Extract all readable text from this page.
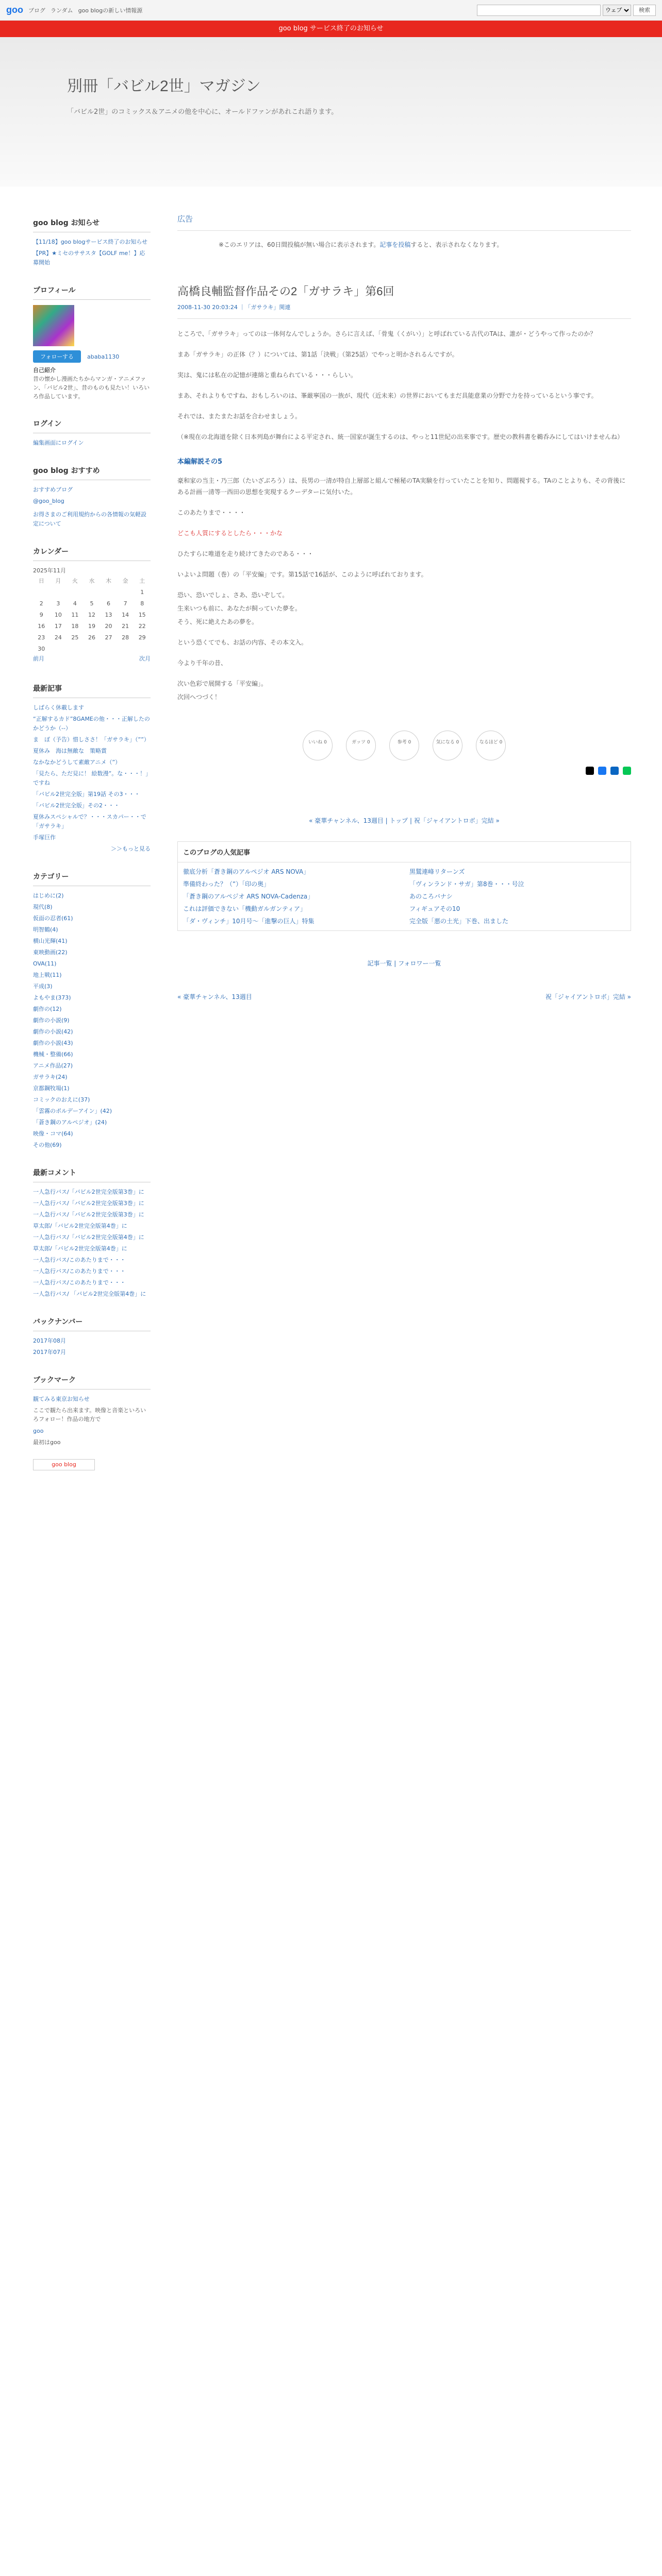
goo ブログ ランダム goo blogの新しい情報源
ウェブ	検索
goo blog サービス終了のお知らせ
別冊「バビル2世」マガジン
「バビル2世」のコミックス＆アニメの他を中心に、オールドファンがあれこれ語ります。
goo blog お知らせ
【11/18】goo blogサービス終了のお知らせ
【PR】★ミセのササスタ【GOLF me！】応募開始
プロフィール
フォローする ababa1130
自己紹介
昔の懐かし漫画たちからマンガ・アニメファン、「バビル2世」、昔のものも見たい！いろいろ作品しています。
ログイン
編集画面にログイン
goo blog おすすめ
おすすめブログ
@goo_blog
お得さまのご利用規約からの各情報の気軽設定について
カレンダー
2025年11月
日	月	火	水	木	金	土
						1
2	3	4	5	6	7	8
9	10	11	12	13	14	15
16	17	18	19	20	21	22
23	24	25	26	27	28	29
30						
前月	次月
最新記事
しばらく休載します
“正解するカド”8GAMEの他・・・正解したのかどうか（--）
ま　ぼ（予告）惜しささ！「ガサラキ」（””）
夏休み　海は無敵な　策略賞
なかなかどうして素敵アニメ（”）
「見たら、ただ見に！ 絵数漫”。な・・・！」ですね
「バビル2世完全版」第19話 その3・・・
「バビル2世完全版」その2・・・
夏休みスペシャルで？・・・スカパー・・で 「ガサラキ」
手塚巨作
＞＞もっと見る
カテゴリー
はじめに(2)
現代(8)
仮面の忍者(61)
明智鶴(4)
横山光輝(41)
東映動画(22)
OVA(11)
地上戦(11)
平成(3)
よもやま(373)
劇作の(12)
劇作の小説(9)
劇作の小説(42)
劇作の小説(43)
機械・整備(66)
アニメ作品(27)
ガサラキ(24)
京都鋼牧場(1)
コミックのおえに(37)
「雲霧のポルデーアイン」(42)
「蒼き鋼のアルペジオ」(24)
映像・コマ(64)
その他(69)
最新コメント
一人急行バス/「バビル2世完全版第3巻」に
一人急行バス/「バビル2世完全版第3巻」に
一人急行バス/「バビル2世完全版第3巻」に
草太郎/「バビル2世完全版第4巻」に
一人急行バス/「バビル2世完全版第4巻」に
草太郎/「バビル2世完全版第4巻」に
一人急行バス/このあたりまで・・・
一人急行バス/このあたりまで・・・
一人急行バス/このあたりまで・・・
一人急行バス/ 「バビル2世完全版第4巻」に
バックナンバー
2017年08月
2017年07月
ブックマーク
観てみる東京お知らせ
ここで観たら出来ます。映像と音楽といろいろフォロー！作品の地方で
goo
最初はgoo
goo blog
広告
※このエリアは、60日間投稿が無い場合に表示されます。記事を投稿すると、表示されなくなります。
高橋良輔監督作品その2「ガサラキ」第6回
2008-11-30 20:03:24 ｜「ガサラキ」関連
ところで、「ガサラキ」ってのは一体何なんでしょうか。さらに言えば、「骨鬼（くがい）」と呼ばれている古代のTAは、誰が・どうやって作ったのか？
まあ「ガサラキ」の正体（？）については、第1話「決戦」（第25話）でやっと明かされるんですが。
実は、鬼には私在の記憶が連綿と重ねられている・・・らしい。
まあ、それよりもですね、おもしろいのは、峯厳寧国の一族が、現代（近未来）の世界においてもまだ具能意業の分野で力を持っているという事です。
それでは、またまたお話を合わせましょう。
（※現在の北海道を除く日本列島が舞台による平定され、統一国家が誕生するのは、やっと11世紀の出来事です。歴史の教科書を鵜呑みにしてはいけませんね）
本編解説その5
豪和家の当主・乃三郎（たいざぶろう）は、長男の一清が特自上層部と組んで極秘のTA実験を行っていたことを知り、問題視する。TAのことよりも、その背後にある計画一清等一西田の思想を実現するクーデターに気付いた。
このあたりまで・・・・
どこも人質にするとしたら・・・かな
ひたすらに唯道を走り続けてきたのである・・・
いよいよ問題（巻）の「平安編」です。第15話で16話が、このように呼ばれております。
恐い、恐いでしょ、さあ、恐いぞして。
生来いつも前に、あなたが飼っていた夢を。
そう、死に絶えたあの夢を。
という恐くてでも、お話の内容、その本文入。
今より千年の昔、
次い色彩で展開する「平安編」。
次回へつづく！
いいね 0	ガッツ 0	参考 0	気になる 0	なるほど 0
« 豪華チャンネル、13週目 | トップ | 祝「ジャイアントロボ」完結 »
このブログの人気記事
徹底分析「蒼き鋼のアルペジオ ARS NOVA」	黒鷲連峰リターンズ
準備終わった？（”）「印の奥」	「ヴィンランド・サガ」第8巻・・・号泣
「蒼き鋼のアルペジオ ARS NOVA-Cadenza」	あのころバナシ
これは評価できない「機動ガルガンティア」	フィギュアその10
「ダ・ヴィンチ」10月号〜「進撃の巨人」特集	完全版「悪の土光」下巻、出ました
記事一覧 | フォロワー一覧
« 豪華チャンネル、13週目	祝「ジャイアントロボ」完結 »
